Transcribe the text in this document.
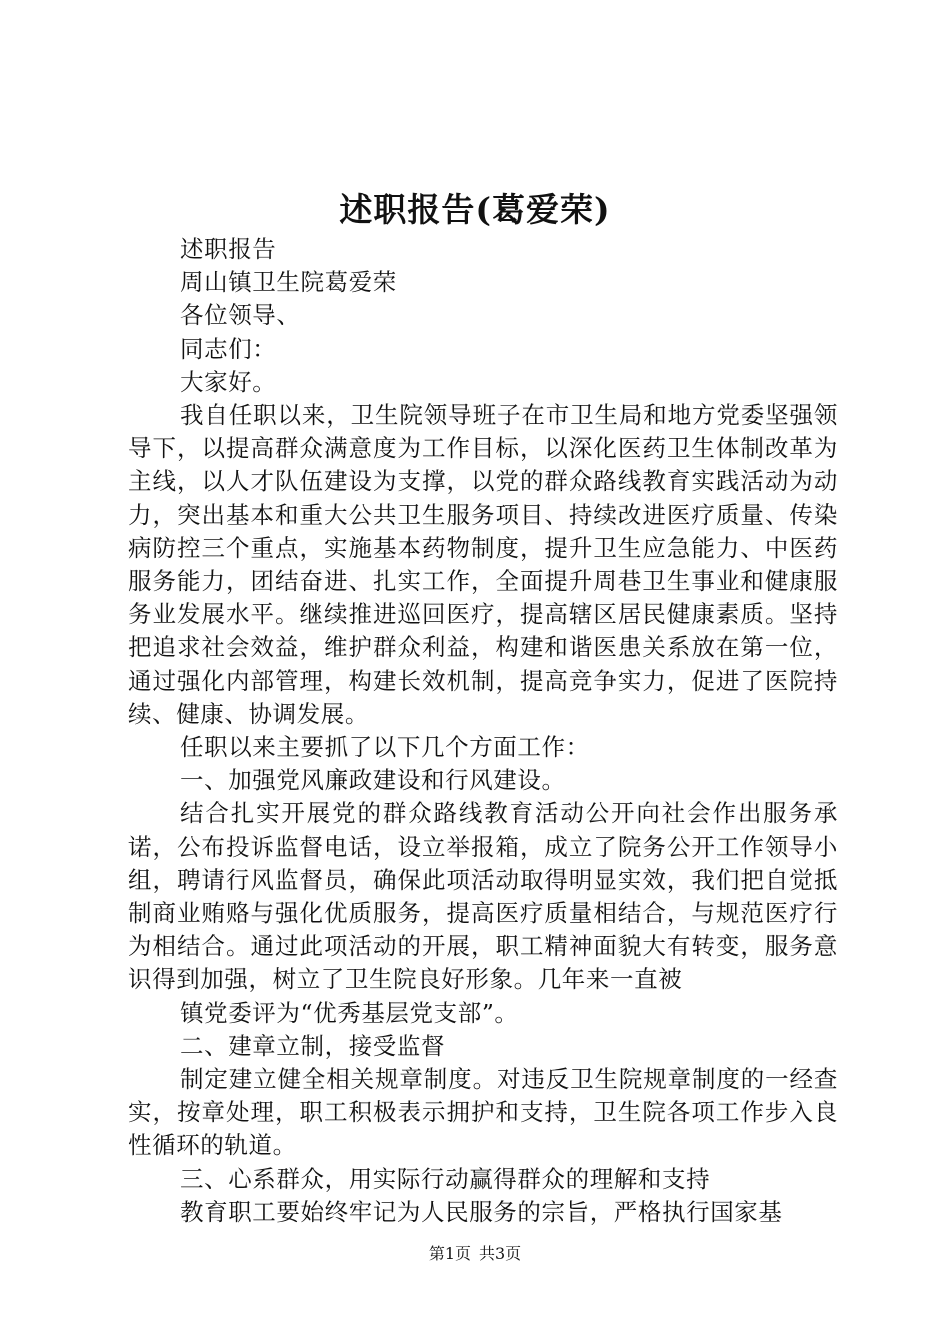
述职报告(葛爱荣)

述职报告

周山镇卫生院葛爱荣

各位领导、

同志们：

大家好。

我自任职以来，卫生院领导班子在市卫生局和地方党委坚强领导下，以提高群众满意度为工作目标，以深化医药卫生体制改革为主线，以人才队伍建设为支撑，以党的群众路线教育实践活动为动力，突出基本和重大公共卫生服务项目、持续改进医疗质量、传染病防控三个重点，实施基本药物制度，提升卫生应急能力、中医药服务能力，团结奋进、扎实工作，全面提升周巷卫生事业和健康服务业发展水平。继续推进巡回医疗，提高辖区居民健康素质。坚持把追求社会效益，维护群众利益，构建和谐医患关系放在第一位，通过强化内部管理，构建长效机制，提高竞争实力，促进了医院持续、健康、协调发展。

任职以来主要抓了以下几个方面工作：

一、加强党风廉政建设和行风建设。

结合扎实开展党的群众路线教育活动公开向社会作出服务承诺，公布投诉监督电话，设立举报箱，成立了院务公开工作领导小组，聘请行风监督员，确保此项活动取得明显实效，我们把自觉抵制商业贿赂与强化优质服务，提高医疗质量相结合，与规范医疗行为相结合。通过此项活动的开展，职工精神面貌大有转变，服务意识得到加强，树立了卫生院良好形象。几年来一直被

镇党委评为“优秀基层党支部”。

二、建章立制，接受监督

制定建立健全相关规章制度。对违反卫生院规章制度的一经查实，按章处理，职工积极表示拥护和支持，卫生院各项工作步入良性循环的轨道。

三、心系群众，用实际行动赢得群众的理解和支持

教育职工要始终牢记为人民服务的宗旨，严格执行国家基

第1页 共3页
